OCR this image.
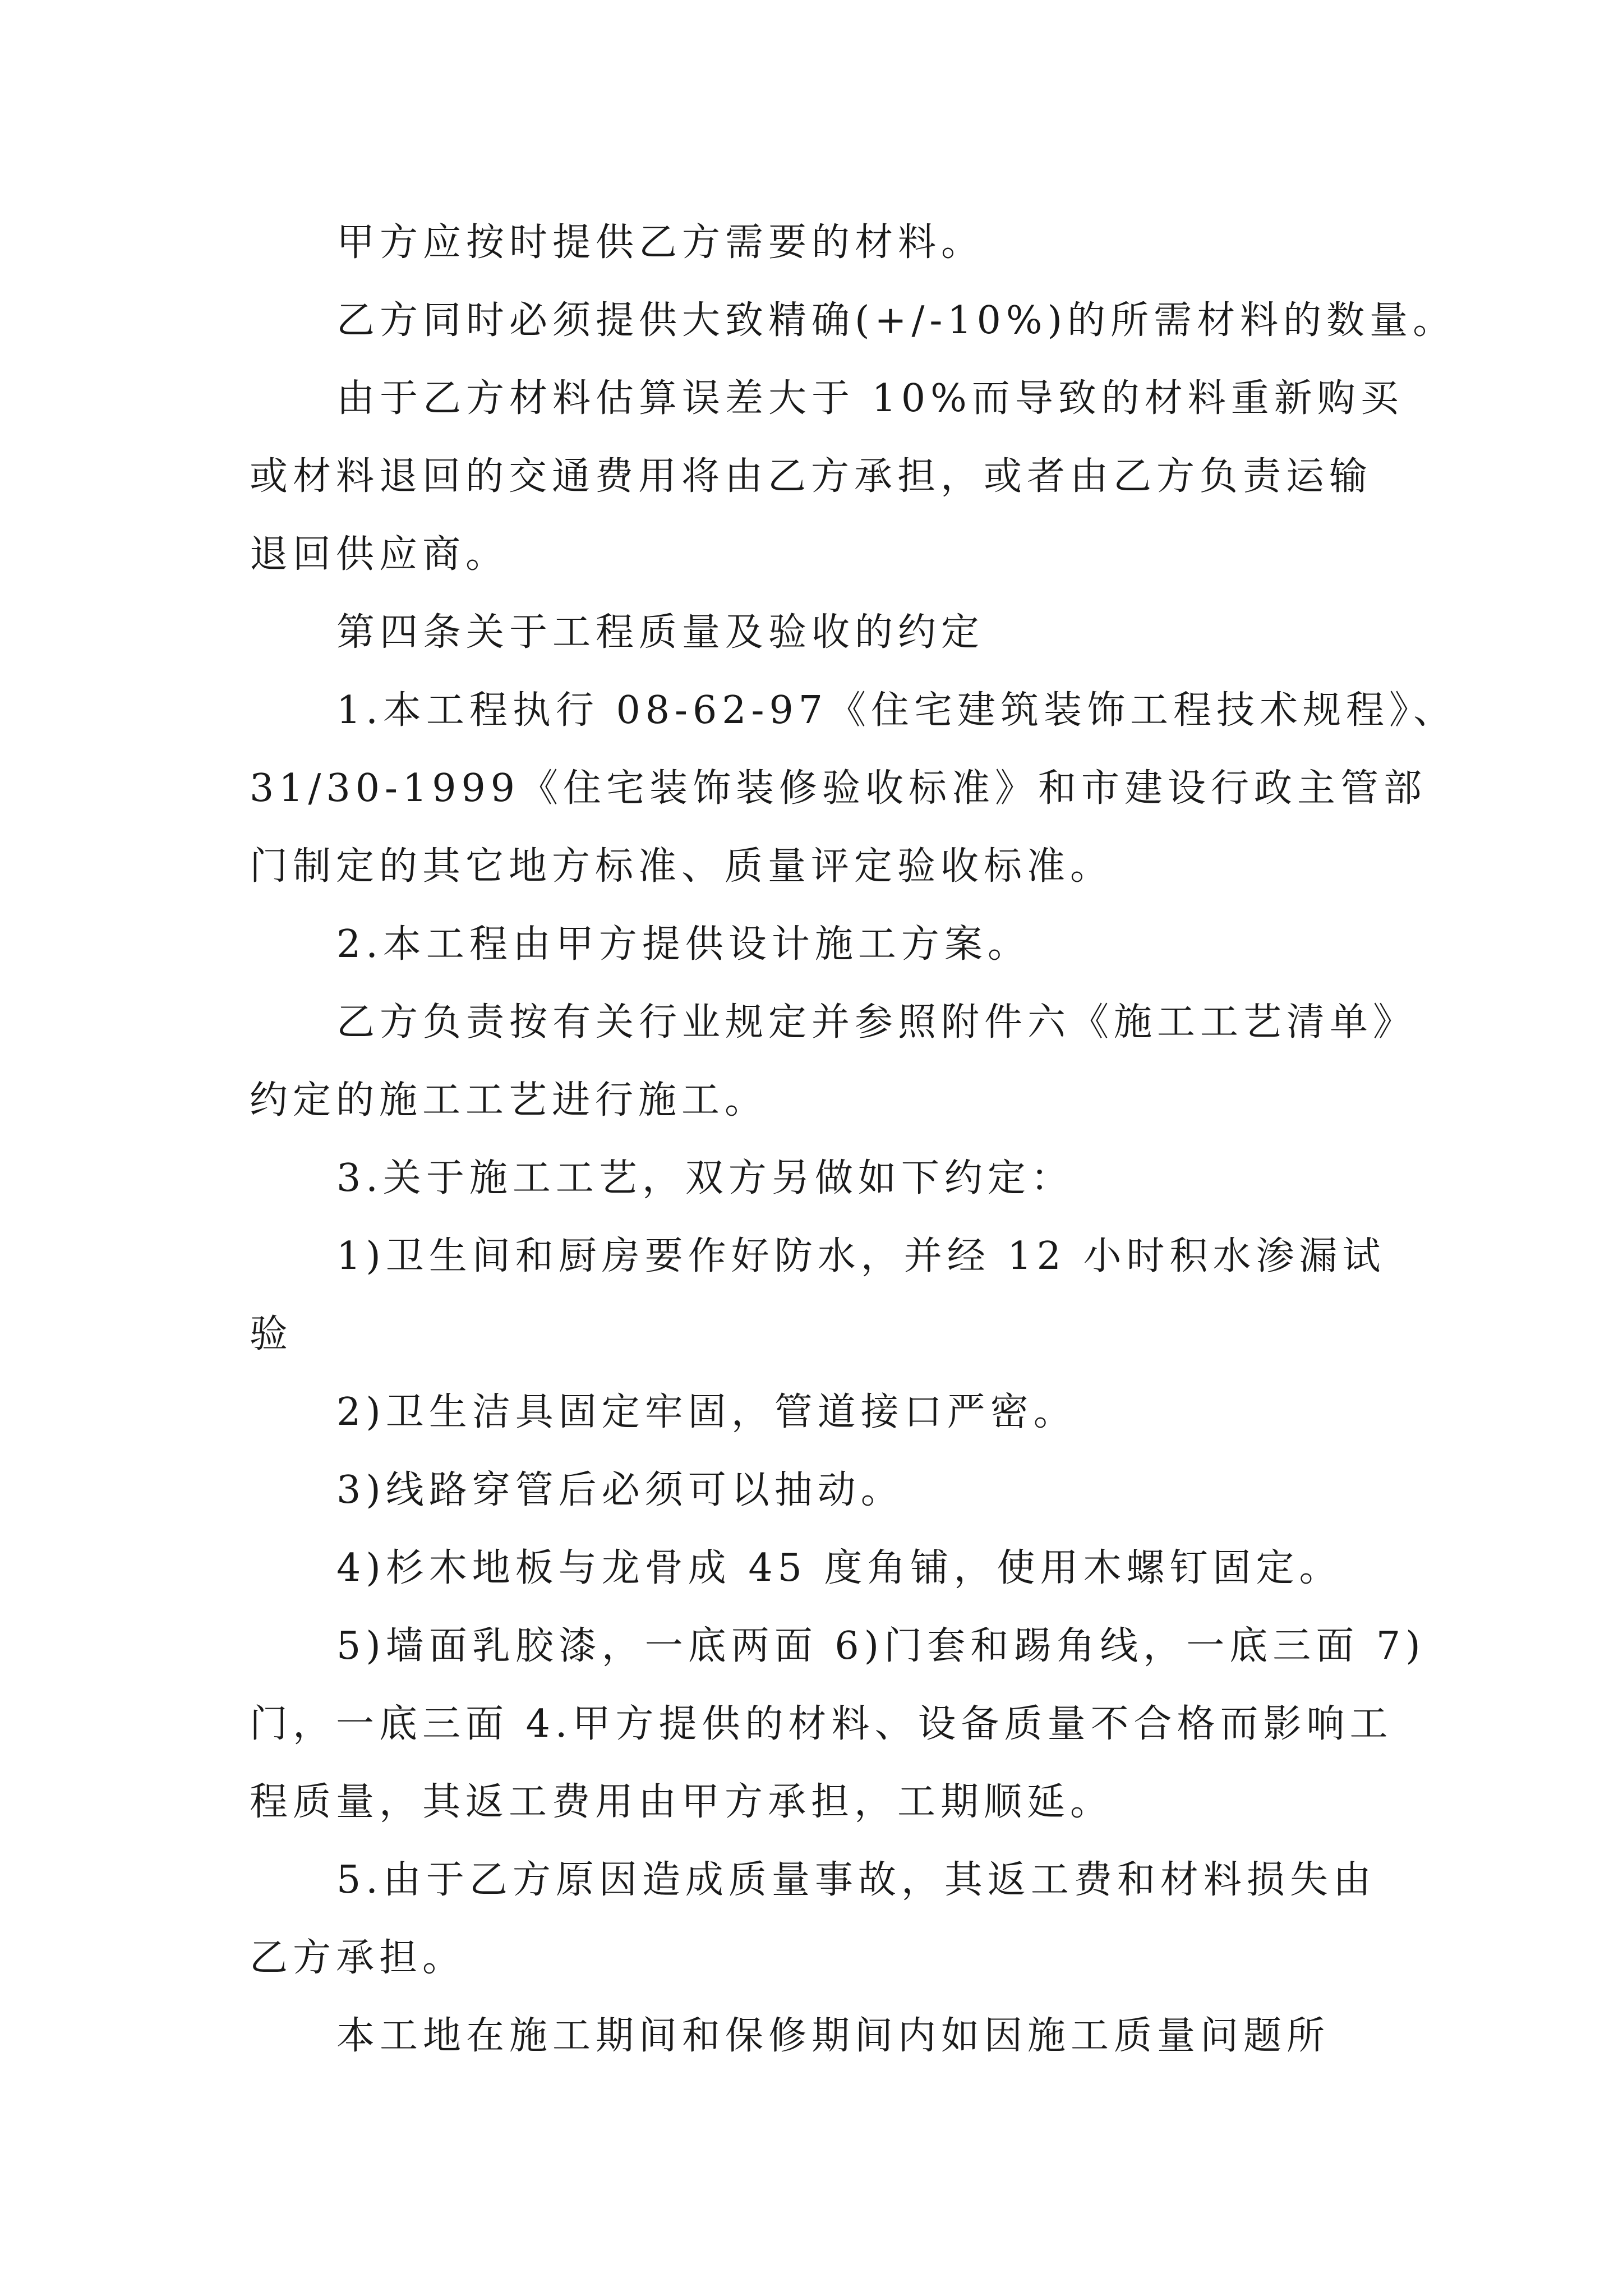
甲方应按时提供乙方需要的材料。
乙方同时必须提供大致精确(+/-10%)的所需材料的数量。
由于乙方材料估算误差大于 10%而导致的材料重新购买
或材料退回的交通费用将由乙方承担，或者由乙方负责运输
退回供应商。
第四条关于工程质量及验收的约定
1.本工程执行 08-62-97《住宅建筑装饰工程技术规程》、
31/30-1999《住宅装饰装修验收标准》和市建设行政主管部
门制定的其它地方标准、质量评定验收标准。
2.本工程由甲方提供设计施工方案。
乙方负责按有关行业规定并参照附件六《施工工艺清单》
约定的施工工艺进行施工。
3.关于施工工艺，双方另做如下约定：
1)卫生间和厨房要作好防水，并经 12 小时积水渗漏试
验
2)卫生洁具固定牢固，管道接口严密。
3)线路穿管后必须可以抽动。
4)杉木地板与龙骨成 45 度角铺，使用木螺钉固定。
5)墙面乳胶漆，一底两面 6)门套和踢角线，一底三面 7)
门，一底三面 4.甲方提供的材料、设备质量不合格而影响工
程质量，其返工费用由甲方承担，工期顺延。
5.由于乙方原因造成质量事故，其返工费和材料损失由
乙方承担。
本工地在施工期间和保修期间内如因施工质量问题所
